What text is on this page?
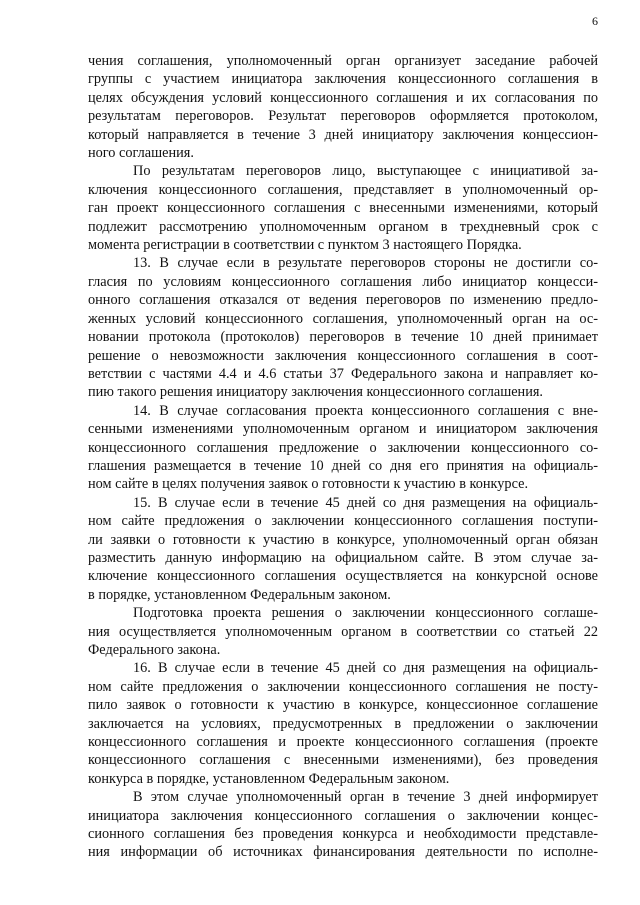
6

чения соглашения, уполномоченный орган организует заседание рабочей
группы с участием инициатора заключения концессионного соглашения в
целях обсуждения условий концессионного соглашения и их согласования по
результатам переговоров. Результат переговоров оформляется протоколом,
который направляется в течение 3 дней инициатору заключения концессион-
ного соглашения.

По результатам переговоров лицо, выступающее с инициативой за-
ключения концессионного соглашения, представляет в уполномоченный ор-
ган проект концессионного соглашения с внесенными изменениями, который
подлежит рассмотрению уполномоченным органом в трехдневный срок с
момента регистрации в соответствии с пунктом 3 настоящего Порядка.

13. В случае если в результате переговоров стороны не достигли со-
гласия по условиям концессионного соглашения либо инициатор концесси-
онного соглашения отказался от ведения переговоров по изменению предло-
женных условий концессионного соглашения, уполномоченный орган на ос-
новании протокола (протоколов) переговоров в течение 10 дней принимает
решение о невозможности заключения концессионного соглашения в соот-
ветствии с частями 4.4 и 4.6 статьи 37 Федерального закона и направляет ко-
пию такого решения инициатору заключения концессионного соглашения.

14. В случае согласования проекта концессионного соглашения с вне-
сенными изменениями уполномоченным органом и инициатором заключения
концессионного соглашения предложение о заключении концессионного со-
глашения размещается в течение 10 дней со дня его принятия на официаль-
ном сайте в целях получения заявок о готовности к участию в конкурсе.

15. В случае если в течение 45 дней со дня размещения на официаль-
ном сайте предложения о заключении концессионного соглашения поступи-
ли заявки о готовности к участию в конкурсе, уполномоченный орган обязан
разместить данную информацию на официальном сайте. В этом случае за-
ключение концессионного соглашения осуществляется на конкурсной основе
в порядке, установленном Федеральным законом.

Подготовка проекта решения о заключении концессионного соглаше-
ния осуществляется уполномоченным органом в соответствии со статьей 22
Федерального закона.

16. В случае если в течение 45 дней со дня размещения на официаль-
ном сайте предложения о заключении концессионного соглашения не посту-
пило заявок о готовности к участию в конкурсе, концессионное соглашение
заключается на условиях, предусмотренных в предложении о заключении
концессионного соглашения и проекте концессионного соглашения (проекте
концессионного соглашения с внесенными изменениями), без проведения
конкурса в порядке, установленном Федеральным законом.

В этом случае уполномоченный орган в течение 3 дней информирует
инициатора заключения концессионного соглашения о заключении концес-
сионного соглашения без проведения конкурса и необходимости представле-
ния информации об источниках финансирования деятельности по исполне-
